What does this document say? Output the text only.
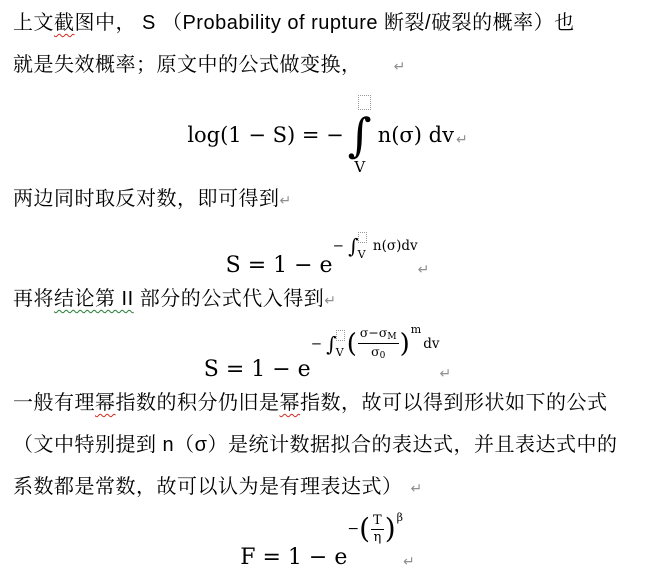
上文截图中， S （Probability of rupture 断裂/破裂的概率）也
就是失效概率；原文中的公式做变换， ↵
log(1 − S) = − ∫
V
n(σ) dv ↵
两边同时取反对数，即可得到↵
S = 1 − e
− ∫ V
n(σ)dv
↵
再将结论第 II 部分的公式代入得到↵
S = 1 − e
− ∫ V ( $\frac{\sigma-\sigma_M}{\sigma_0}$ ) m
dv
↵
一般有理幂指数的积分仍旧是幂指数，故可以得到形状如下的公式
（文中特别提到 n（σ）是统计数据拟合的表达式，并且表达式中的
系数都是常数，故可以认为是有理表达式） ↵
F = 1 − e
− ( $\frac{T}{\eta}$ ) β
↵
